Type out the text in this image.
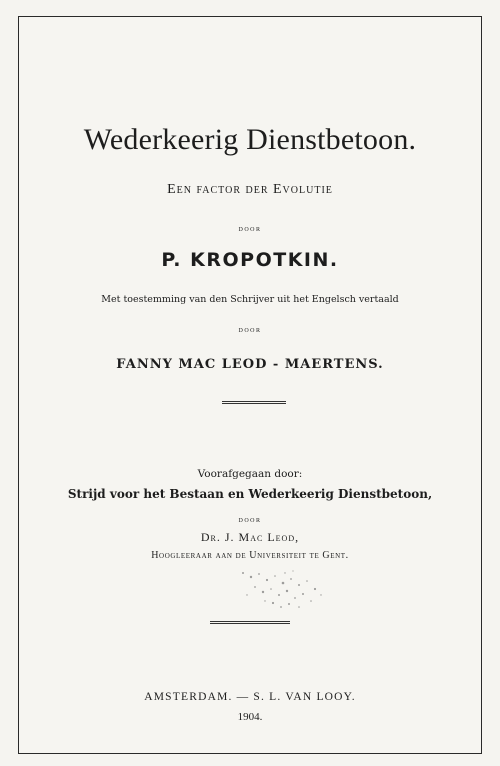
Wederkeerig Dienstbetoon.
Een factor der Evolutie
door
P. KROPOTKIN.
Met toestemming van den Schrijver uit het Engelsch vertaald
door
FANNY MAC LEOD - MAERTENS.
Voorafgegaan door:
Strijd voor het Bestaan en Wederkeerig Dienstbetoon,
door
Dr. J. Mac Leod,
Hoogleeraar aan de Universiteit te Gent.
AMSTERDAM. — S. L. VAN LOOY.
1904.
